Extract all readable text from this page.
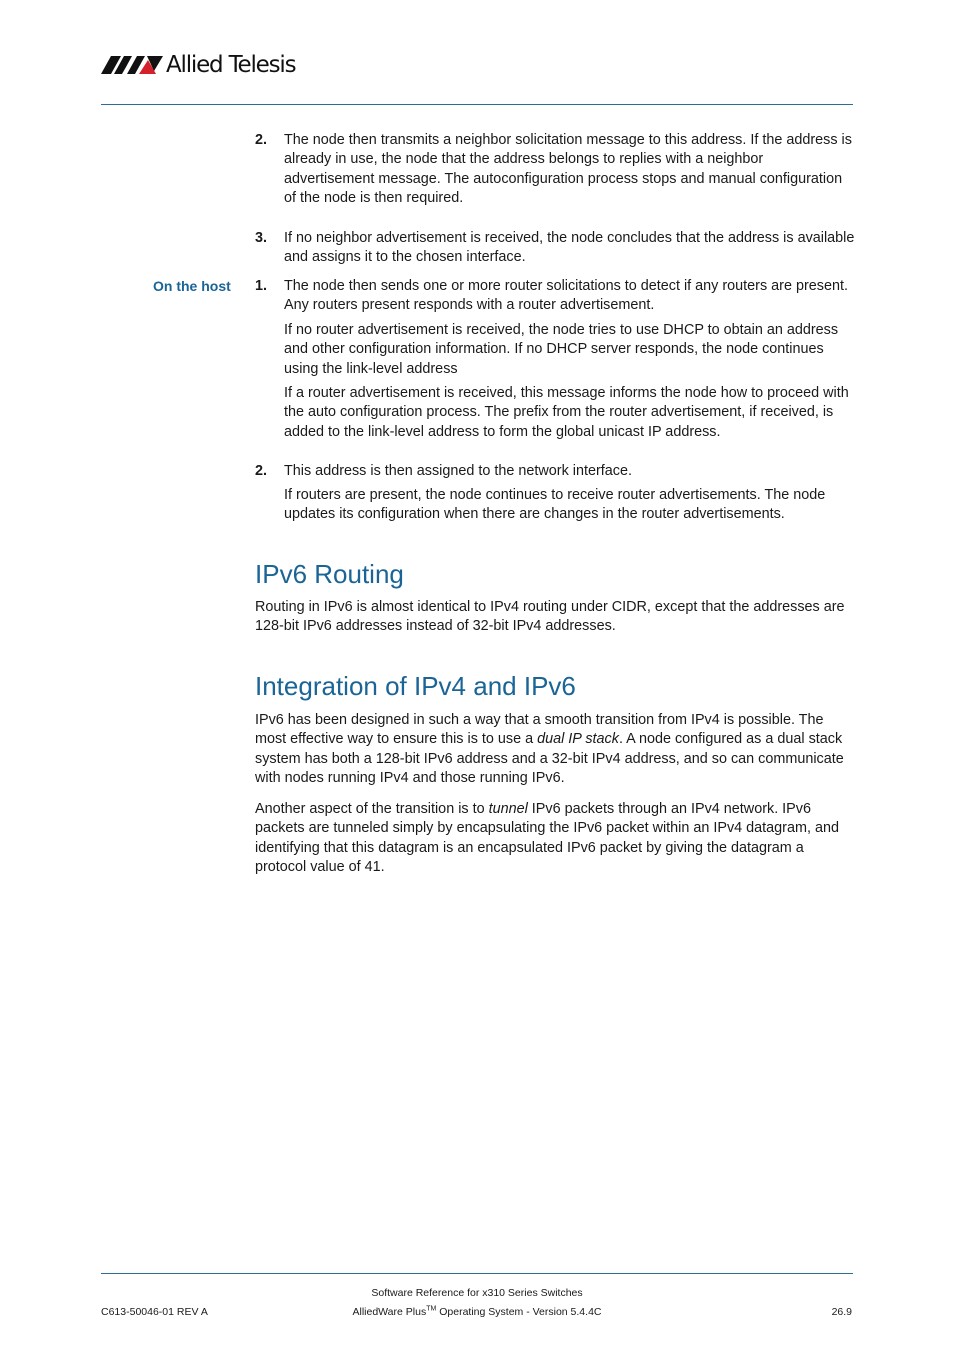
Allied Telesis
2. The node then transmits a neighbor solicitation message to this address. If the address is already in use, the node that the address belongs to replies with a neighbor advertisement message. The autoconfiguration process stops and manual configuration of the node is then required.

3. If no neighbor advertisement is received, the node concludes that the address is available and assigns it to the chosen interface.

On the host 1. The node then sends one or more router solicitations to detect if any routers are present. Any routers present responds with a router advertisement.

If no router advertisement is received, the node tries to use DHCP to obtain an address and other configuration information. If no DHCP server responds, the node continues using the link-level address

If a router advertisement is received, this message informs the node how to proceed with the auto configuration process. The prefix from the router advertisement, if received, is added to the link-level address to form the global unicast IP address.

2. This address is then assigned to the network interface.

If routers are present, the node continues to receive router advertisements. The node updates its configuration when there are changes in the router advertisements.

IPv6 Routing

Routing in IPv6 is almost identical to IPv4 routing under CIDR, except that the addresses are 128-bit IPv6 addresses instead of 32-bit IPv4 addresses.

Integration of IPv4 and IPv6

IPv6 has been designed in such a way that a smooth transition from IPv4 is possible. The most effective way to ensure this is to use a dual IP stack. A node configured as a dual stack system has both a 128-bit IPv6 address and a 32-bit IPv4 address, and so can communicate with nodes running IPv4 and those running IPv6.

Another aspect of the transition is to tunnel IPv6 packets through an IPv4 network. IPv6 packets are tunneled simply by encapsulating the IPv6 packet within an IPv4 datagram, and identifying that this datagram is an encapsulated IPv6 packet by giving the datagram a protocol value of 41.

Software Reference for x310 Series Switches
AlliedWare Plus™ Operating System - Version 5.4.4C
C613-50046-01 REV A	26.9
